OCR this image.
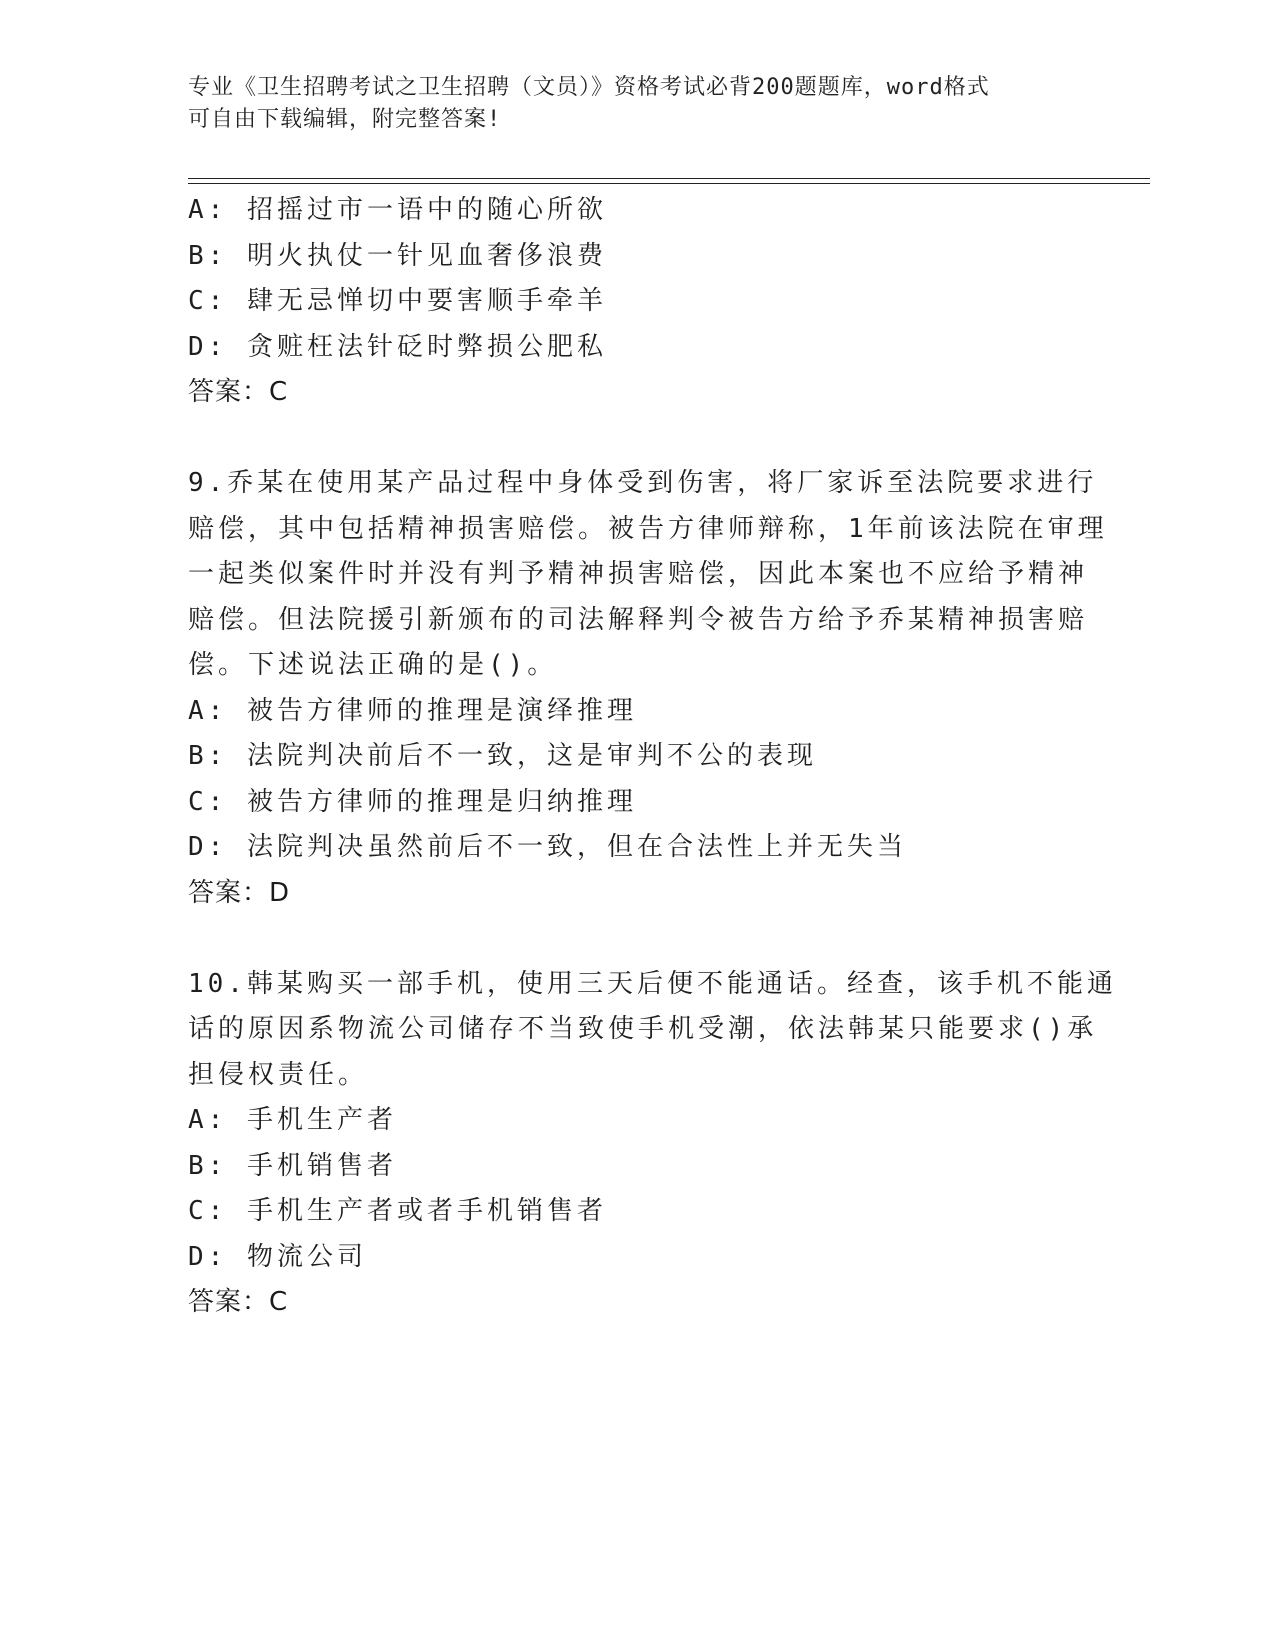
专业《卫生招聘考试之卫生招聘（文员）》资格考试必背200题题库，word格式
可自由下载编辑，附完整答案!
A: 招摇过市一语中的随心所欲
B: 明火执仗一针见血奢侈浪费
C: 肆无忌惮切中要害顺手牵羊
D: 贪赃枉法针砭时弊损公肥私
答案：C
9.乔某在使用某产品过程中身体受到伤害，将厂家诉至法院要求进行
赔偿，其中包括精神损害赔偿。被告方律师辩称，1年前该法院在审理
一起类似案件时并没有判予精神损害赔偿，因此本案也不应给予精神
赔偿。但法院援引新颁布的司法解释判令被告方给予乔某精神损害赔
偿。下述说法正确的是()。
A: 被告方律师的推理是演绎推理
B: 法院判决前后不一致，这是审判不公的表现
C: 被告方律师的推理是归纳推理
D: 法院判决虽然前后不一致，但在合法性上并无失当
答案：D
10.韩某购买一部手机，使用三天后便不能通话。经查，该手机不能通
话的原因系物流公司储存不当致使手机受潮，依法韩某只能要求()承
担侵权责任。
A: 手机生产者
B: 手机销售者
C: 手机生产者或者手机销售者
D: 物流公司
答案：C
